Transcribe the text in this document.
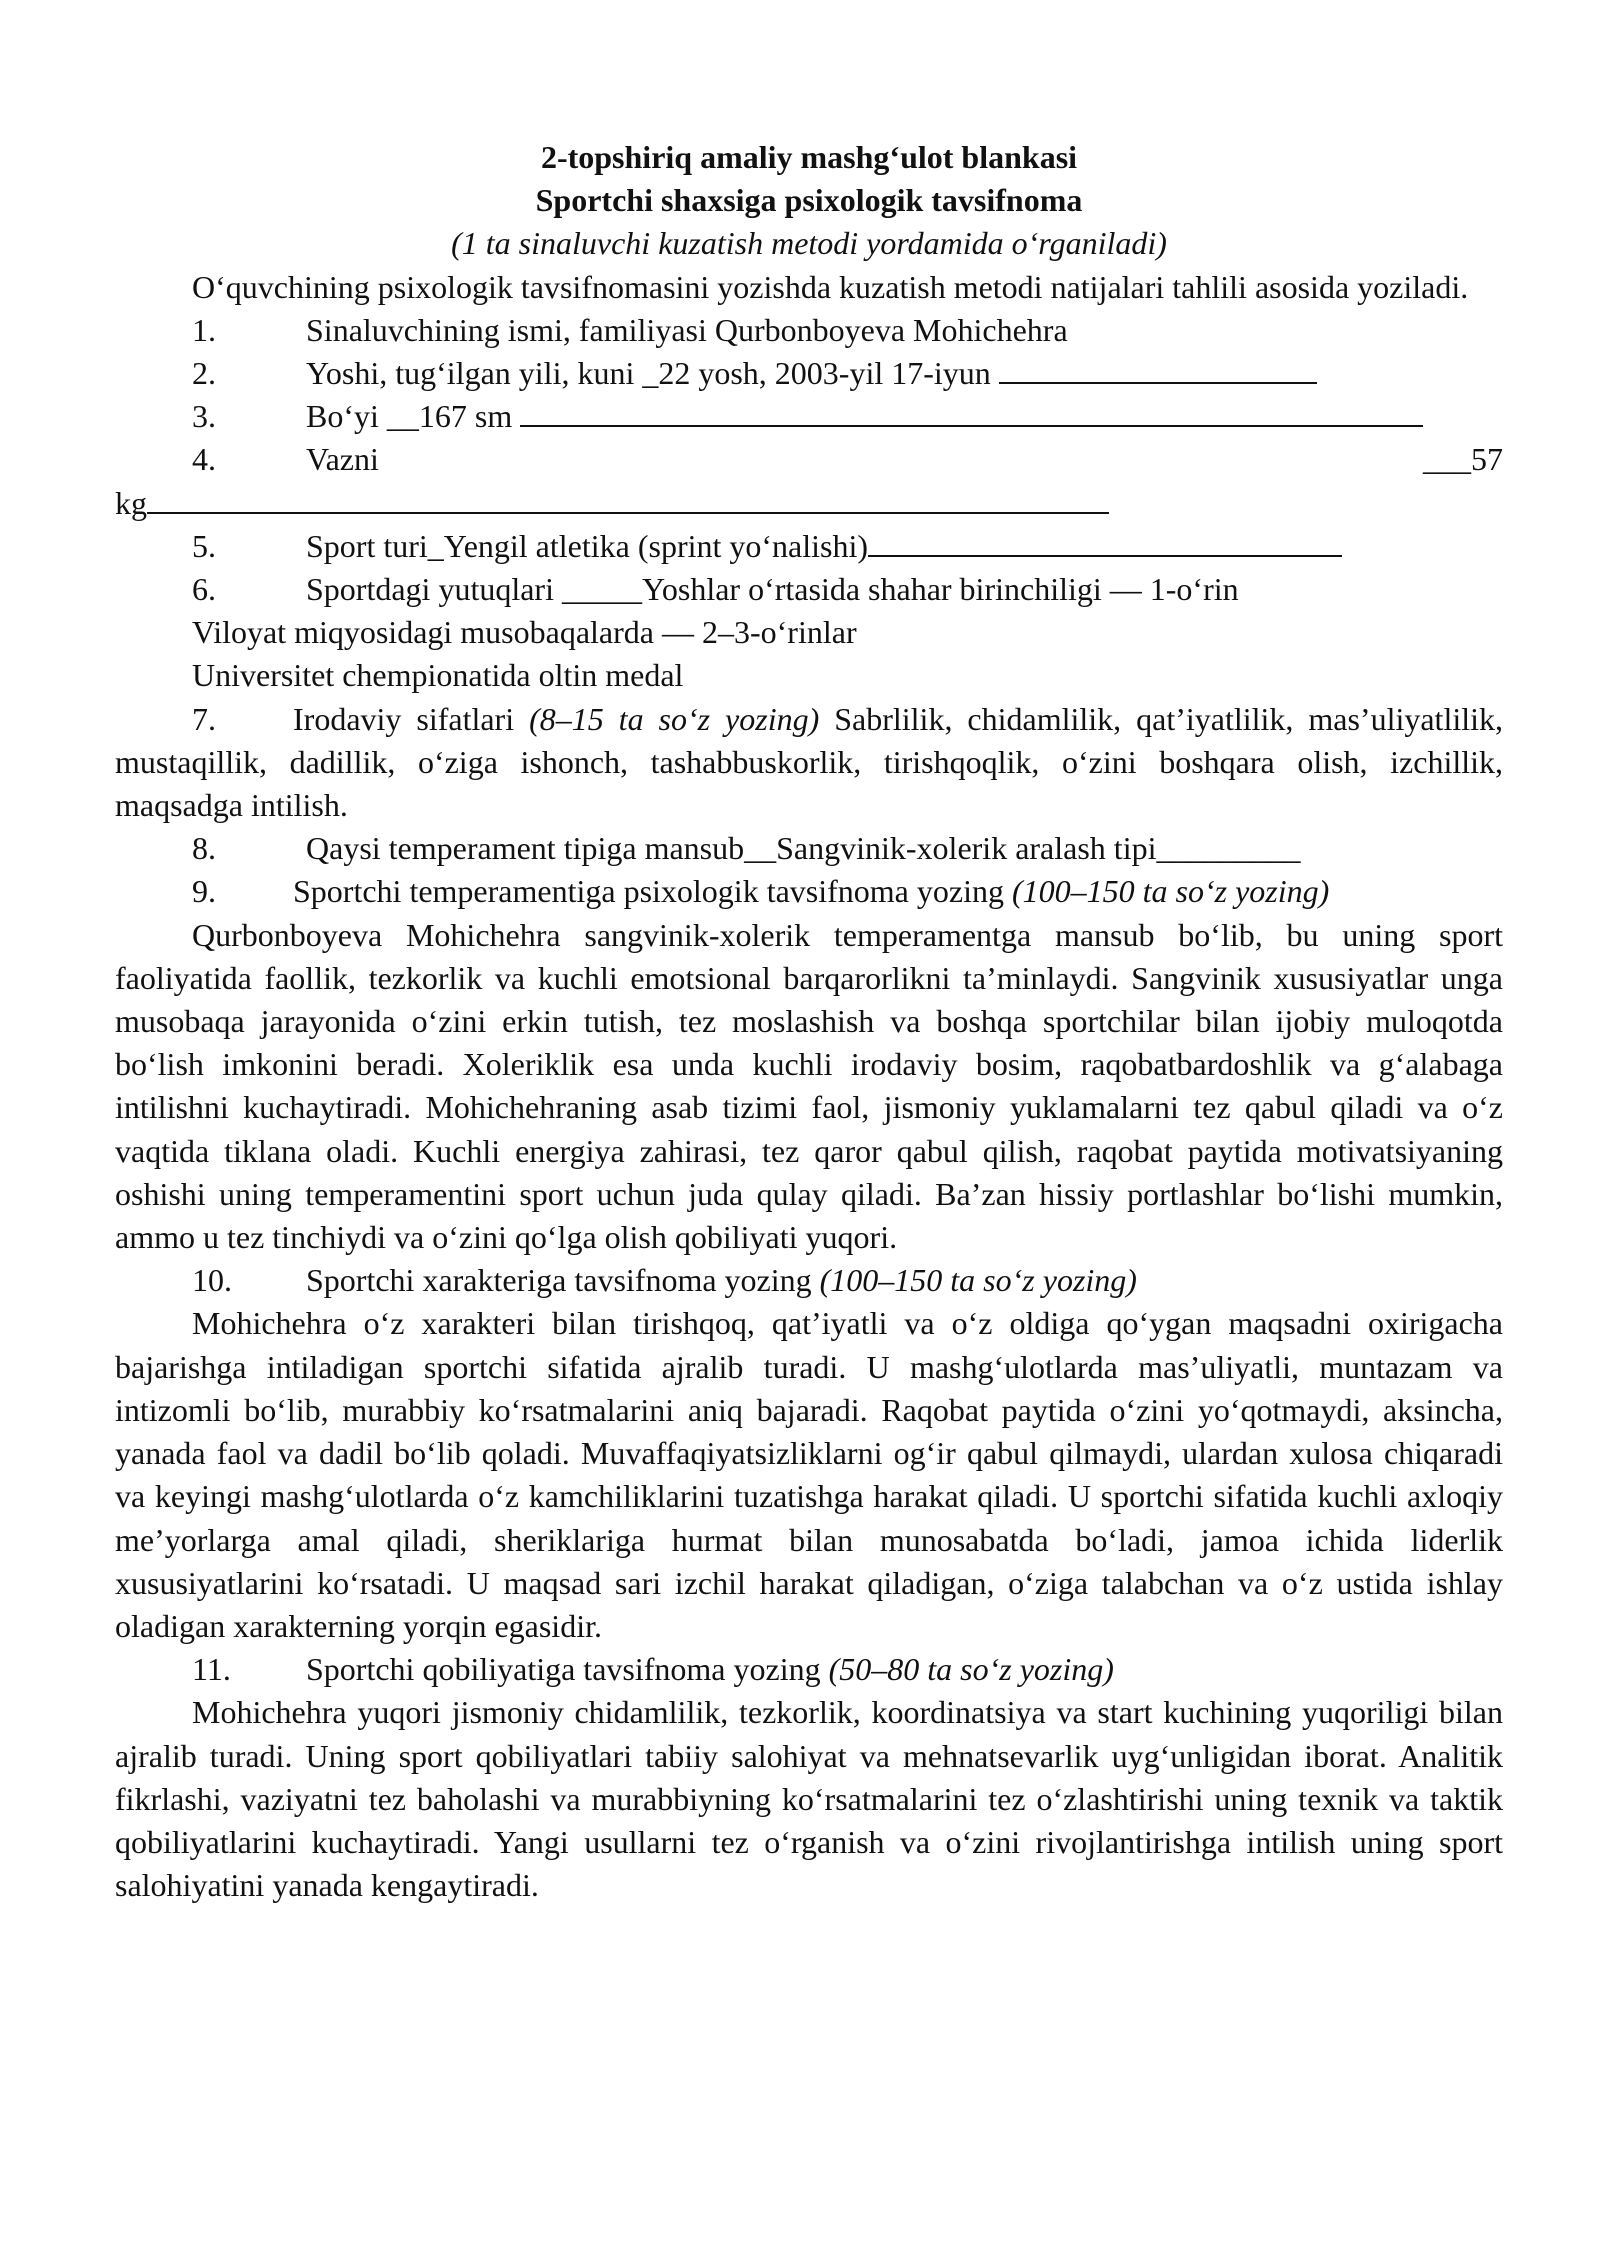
2-topshiriq amaliy mashg‘ulot blankasi
Sportchi shaxsiga psixologik tavsifnoma
(1 ta sinaluvchi kuzatish metodi yordamida o‘rganiladi)
O‘quvchining psixologik tavsifnomasini yozishda kuzatish metodi natijalari tahlili asosida yoziladi.
1.	Sinaluvchining ismi, familiyasi Qurbonboyeva Mohichehra
2.	Yoshi, tug‘ilgan yili, kuni _22 yosh, 2003-yil 17-iyun
3.	Bo‘yi __167 sm
4.	Vazni	___57
kg
5.	Sport turi_Yengil atletika (sprint yo‘nalishi)
6.	Sportdagi yutuqlari _____Yoshlar o‘rtasida shahar birinchiligi — 1-o‘rin
Viloyat miqyosidagi musobaqalarda — 2–3-o‘rinlar
Universitet chempionatida oltin medal
7. Irodaviy sifatlari (8–15 ta so‘z yozing) Sabrlilik, chidamlilik, qat’iyatlilik, mas’uliyatlilik, mustaqillik, dadillik, o‘ziga ishonch, tashabbuskorlik, tirishqoqlik, o‘zini boshqara olish, izchillik, maqsadga intilish.
8.	Qaysi temperament tipiga mansub__Sangvinik-xolerik aralash tipi_________
9. Sportchi temperamentiga psixologik tavsifnoma yozing (100–150 ta so‘z yozing)
Qurbonboyeva Mohichehra sangvinik-xolerik temperamentga mansub bo‘lib, bu uning sport faoliyatida faollik, tezkorlik va kuchli emotsional barqarorlikni ta’minlaydi. Sangvinik xususiyatlar unga musobaqa jarayonida o‘zini erkin tutish, tez moslashish va boshqa sportchilar bilan ijobiy muloqotda bo‘lish imkonini beradi. Xoleriklik esa unda kuchli irodaviy bosim, raqobatbardoshlik va g‘alabaga intilishni kuchaytiradi. Mohichehraning asab tizimi faol, jismoniy yuklamalarni tez qabul qiladi va o‘z vaqtida tiklana oladi. Kuchli energiya zahirasi, tez qaror qabul qilish, raqobat paytida motivatsiyaning oshishi uning temperamentini sport uchun juda qulay qiladi. Ba’zan hissiy portlashlar bo‘lishi mumkin, ammo u tez tinchiydi va o‘zini qo‘lga olish qobiliyati yuqori.
10. Sportchi xarakteriga tavsifnoma yozing (100–150 ta so‘z yozing)
Mohichehra o‘z xarakteri bilan tirishqoq, qat’iyatli va o‘z oldiga qo‘ygan maqsadni oxirigacha bajarishga intiladigan sportchi sifatida ajralib turadi. U mashg‘ulotlarda mas’uliyatli, muntazam va intizomli bo‘lib, murabbiy ko‘rsatmalarini aniq bajaradi. Raqobat paytida o‘zini yo‘qotmaydi, aksincha, yanada faol va dadil bo‘lib qoladi. Muvaffaqiyatsizliklarni og‘ir qabul qilmaydi, ulardan xulosa chiqaradi va keyingi mashg‘ulotlarda o‘z kamchiliklarini tuzatishga harakat qiladi. U sportchi sifatida kuchli axloqiy me’yorlarga amal qiladi, sheriklariga hurmat bilan munosabatda bo‘ladi, jamoa ichida liderlik xususiyatlarini ko‘rsatadi. U maqsad sari izchil harakat qiladigan, o‘ziga talabchan va o‘z ustida ishlay oladigan xarakterning yorqin egasidir.
11. Sportchi qobiliyatiga tavsifnoma yozing (50–80 ta so‘z yozing)
Mohichehra yuqori jismoniy chidamlilik, tezkorlik, koordinatsiya va start kuchining yuqoriligi bilan ajralib turadi. Uning sport qobiliyatlari tabiiy salohiyat va mehnatsevarlik uyg‘unligidan iborat. Analitik fikrlashi, vaziyatni tez baholashi va murabbiyning ko‘rsatmalarini tez o‘zlashtirishi uning texnik va taktik qobiliyatlarini kuchaytiradi. Yangi usullarni tez o‘rganish va o‘zini rivojlantirishga intilish uning sport salohiyatini yanada kengaytiradi.
